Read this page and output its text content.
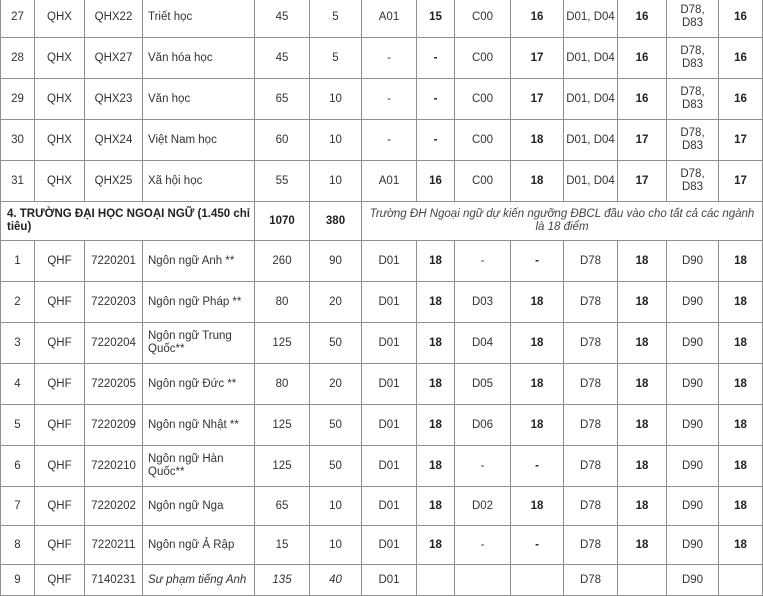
27	QHX	QHX22	Triết học	45	5	A01	15	C00	16	D01, D04	16	D78, D83	16
28	QHX	QHX27	Văn hóa học	45	5	-	-	C00	17	D01, D04	16	D78, D83	16
29	QHX	QHX23	Văn học	65	10	-	-	C00	17	D01, D04	16	D78, D83	16
30	QHX	QHX24	Việt Nam học	60	10	-	-	C00	18	D01, D04	17	D78, D83	17
31	QHX	QHX25	Xã hội học	55	10	A01	16	C00	18	D01, D04	17	D78, D83	17
4. TRƯỜNG ĐẠI HỌC NGOẠI NGỮ (1.450 chỉ tiêu)				1070	380	Trường ĐH Ngoại ngữ dự kiến ngưỡng ĐBCL đầu vào cho tất cả các ngành là 18 điểm							
1	QHF	7220201	Ngôn ngữ Anh **	260	90	D01	18	-	-	D78	18	D90	18
2	QHF	7220203	Ngôn ngữ Pháp **	80	20	D01	18	D03	18	D78	18	D90	18
3	QHF	7220204	Ngôn ngữ Trung Quốc**	125	50	D01	18	D04	18	D78	18	D90	18
4	QHF	7220205	Ngôn ngữ Đức **	80	20	D01	18	D05	18	D78	18	D90	18
5	QHF	7220209	Ngôn ngữ Nhật **	125	50	D01	18	D06	18	D78	18	D90	18
6	QHF	7220210	Ngôn ngữ Hàn Quốc**	125	50	D01	18	-	-	D78	18	D90	18
7	QHF	7220202	Ngôn ngữ Nga	65	10	D01	18	D02	18	D78	18	D90	18
8	QHF	7220211	Ngôn ngữ Ả Rập	15	10	D01	18	-	-	D78	18	D90	18
9	QHF	7140231	Sư phạm tiếng Anh	135	40	D01				D78		D90	
